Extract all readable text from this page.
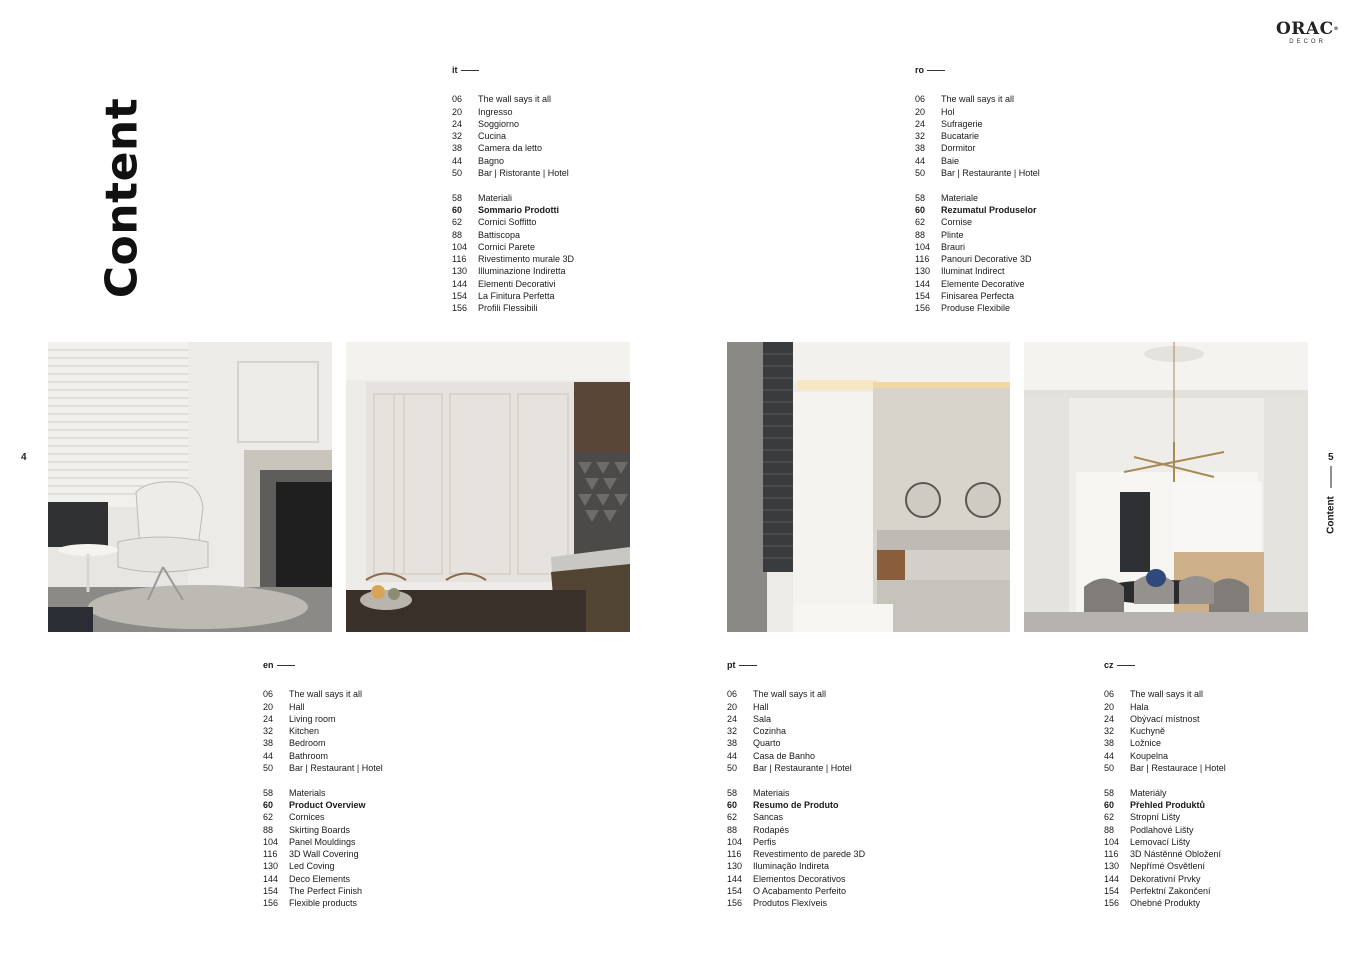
Content
ORAC®
DECOR
4	5
Content
it
06	The wall says it all
20	Ingresso
24	Soggiorno
32	Cucina
38	Camera da letto
44	Bagno
50	Bar | Ristorante | Hotel
58	Materiali
60	Sommario Prodotti
62	Cornici Soffitto
88	Battiscopa
104	Cornici Parete
116	Rivestimento murale 3D
130	Illuminazione Indiretta
144	Elementi Decorativi
154	La Finitura Perfetta
156	Profili Flessibili
ro
06	The wall says it all
20	Hol
24	Sufragerie
32	Bucatarie
38	Dormitor
44	Baie
50	Bar | Restaurante | Hotel
58	Materiale
60	Rezumatul Produselor
62	Cornise
88	Plinte
104	Brauri
116	Panouri Decorative 3D
130	Iluminat Indirect
144	Elemente Decorative
154	Finisarea Perfecta
156	Produse Flexibile
en
06	The wall says it all
20	Hall
24	Living room
32	Kitchen
38	Bedroom
44	Bathroom
50	Bar | Restaurant | Hotel
58	Materials
60	Product Overview
62	Cornices
88	Skirting Boards
104	Panel Mouldings
116	3D Wall Covering
130	Led Coving
144	Deco Elements
154	The Perfect Finish
156	Flexible products
pt
06	The wall says it all
20	Hall
24	Sala
32	Cozinha
38	Quarto
44	Casa de Banho
50	Bar | Restaurante | Hotel
58	Materiais
60	Resumo de Produto
62	Sancas
88	Rodapés
104	Perfis
116	Revestimento de parede 3D
130	Iluminação Indireta
144	Elementos Decorativos
154	O Acabamento Perfeito
156	Produtos Flexíveis
cz
06	The wall says it all
20	Hala
24	Obývací místnost
32	Kuchyně
38	Ložnice
44	Koupelna
50	Bar | Restaurace | Hotel
58	Materiály
60	Přehled Produktů
62	Stropní Lišty
88	Podlahové Lišty
104	Lemovací Lišty
116	3D Nástěnné Obložení
130	Nepřímé Osvětlení
144	Dekorativní Prvky
154	Perfektní Zakončení
156	Ohebné Produkty
